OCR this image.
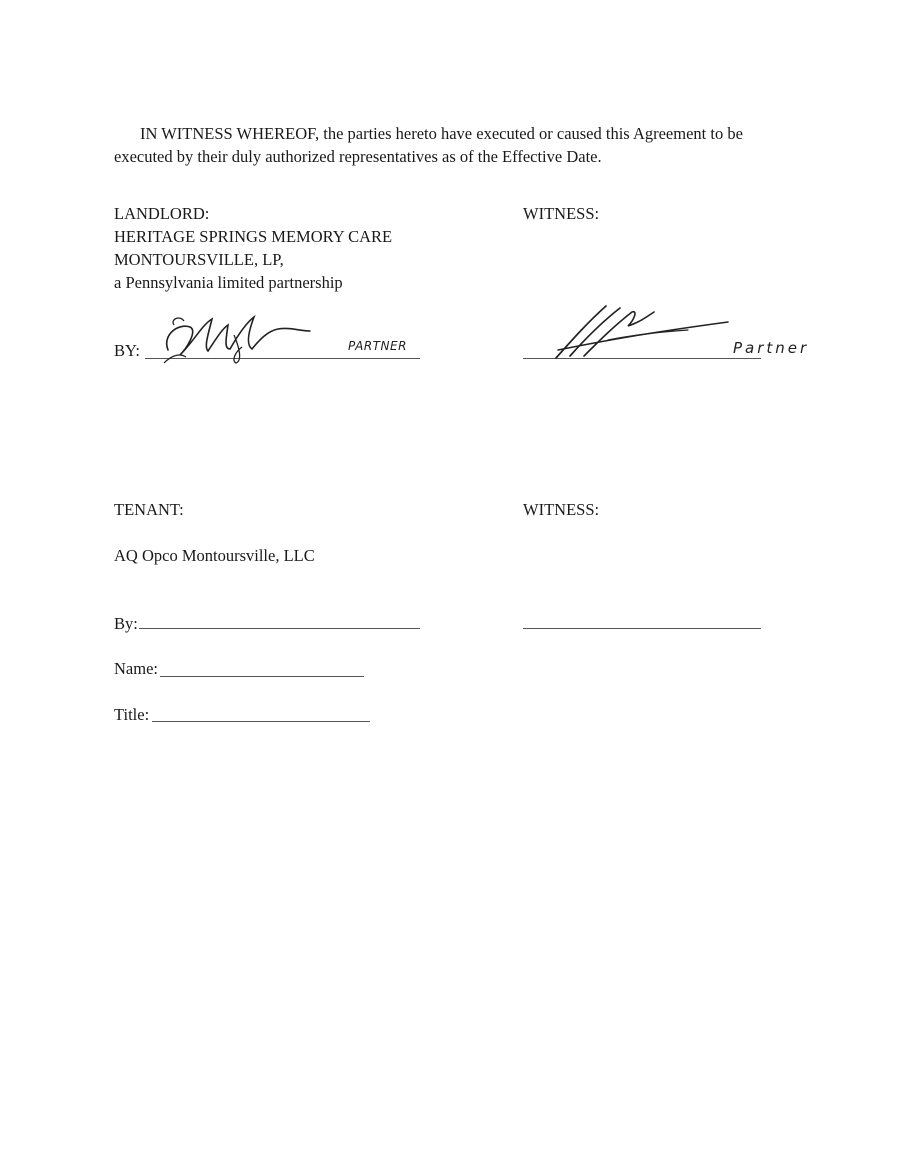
IN WITNESS WHEREOF, the parties hereto have executed or caused this Agreement to be
executed by their duly authorized representatives as of the Effective Date.
LANDLORD:
HERITAGE SPRINGS MEMORY CARE
MONTOURSVILLE, LP,
a Pennsylvania limited partnership
WITNESS:
BY:	PARTNER	Partner
TENANT:	WITNESS:
AQ Opco Montoursville, LLC
By:
Name:
Title:
